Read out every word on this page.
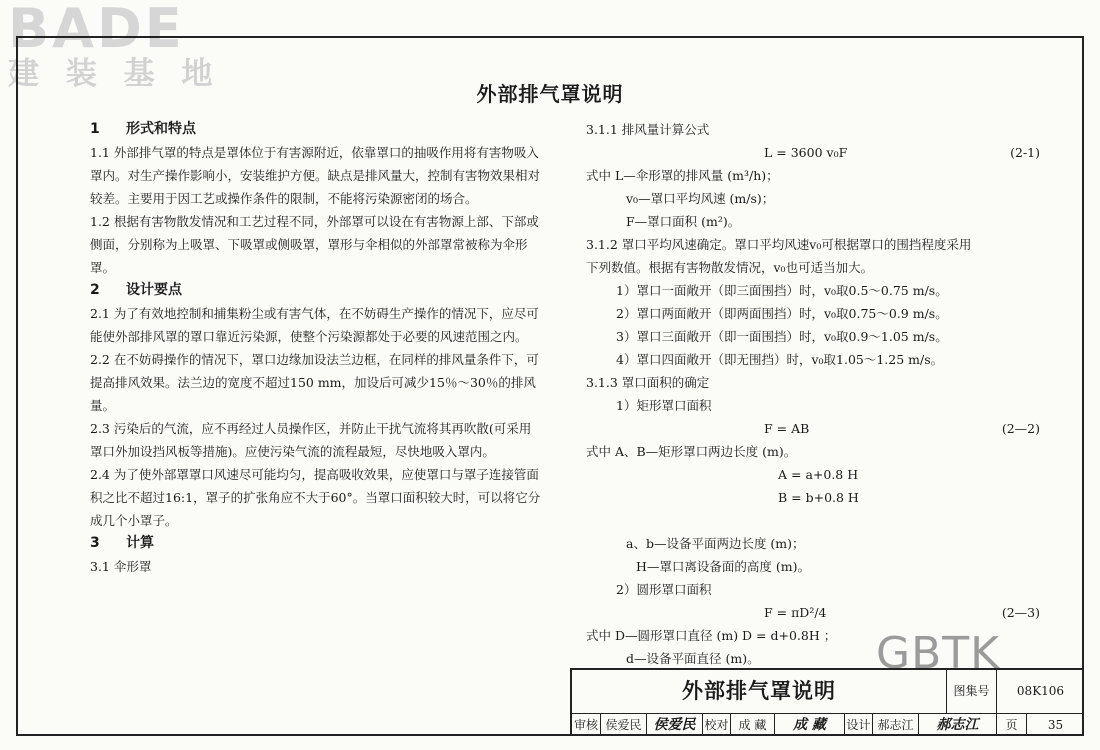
BADE
建 装 基 地
外部排气罩说明

1 形式和特点

1.1 外部排气罩的特点是罩体位于有害源附近，依靠罩口的抽吸作用将有害物吸入罩内。对生产操作影响小，安装维护方便。缺点是排风量大，控制有害物效果相对较差。主要用于因工艺或操作条件的限制，不能将污染源密闭的场合。

1.2 根据有害物散发情况和工艺过程不同，外部罩可以设在有害物源上部、下部或侧面，分别称为上吸罩、下吸罩或侧吸罩，罩形与伞相似的外部罩常被称为伞形罩。

2 设计要点

2.1 为了有效地控制和捕集粉尘或有害气体，在不妨碍生产操作的情况下，应尽可能使外部排风罩的罩口靠近污染源，使整个污染源都处于必要的风速范围之内。

2.2 在不妨碍操作的情况下，罩口边缘加设法兰边框，在同样的排风量条件下，可提高排风效果。法兰边的宽度不超过150 mm，加设后可减少15％～30％的排风量。

2.3 污染后的气流，应不再经过人员操作区，并防止干扰气流将其再吹散(可采用罩口外加设挡风板等措施)。应使污染气流的流程最短，尽快地吸入罩内。

2.4 为了使外部罩罩口风速尽可能均匀，提高吸收效果，应使罩口与罩子连接管面积之比不超过16:1，罩子的扩张角应不大于60°。当罩口面积较大时，可以将它分成几个小罩子。

3 计算

3.1 伞形罩

3.1.1 排风量计算公式
L = 3600 v₀F	(2-1)
式中 L—伞形罩的排风量 (m³/h)；
v₀—罩口平均风速 (m/s)；
F—罩口面积 (m²)。
3.1.2 罩口平均风速确定。罩口平均风速v₀可根据罩口的围挡程度采用
下列数值。根据有害物散发情况，v₀也可适当加大。
1）罩口一面敞开（即三面围挡）时，v₀取0.5～0.75 m/s。
2）罩口两面敞开（即两面围挡）时，v₀取0.75～0.9 m/s。
3）罩口三面敞开（即一面围挡）时，v₀取0.9～1.05 m/s。
4）罩口四面敞开（即无围挡）时，v₀取1.05～1.25 m/s。
3.1.3 罩口面积的确定
1）矩形罩口面积
F = AB	(2—2)
式中 A、B—矩形罩口两边长度 (m)。
A = a+0.8 H
B = b+0.8 H
a、b—设备平面两边长度 (m)；
H—罩口离设备面的高度 (m)。
2）圆形罩口面积
F = πD²/4	(2—3)
式中 D—圆形罩口直径 (m) D = d+0.8H ；
d—设备平面直径 (m)。	GBTK
外部排气罩说明	图集号	08K106
审核 侯爱民 侯爱民 校对 成 藏	成 藏	设计 郝志江	郝志江	页	35
